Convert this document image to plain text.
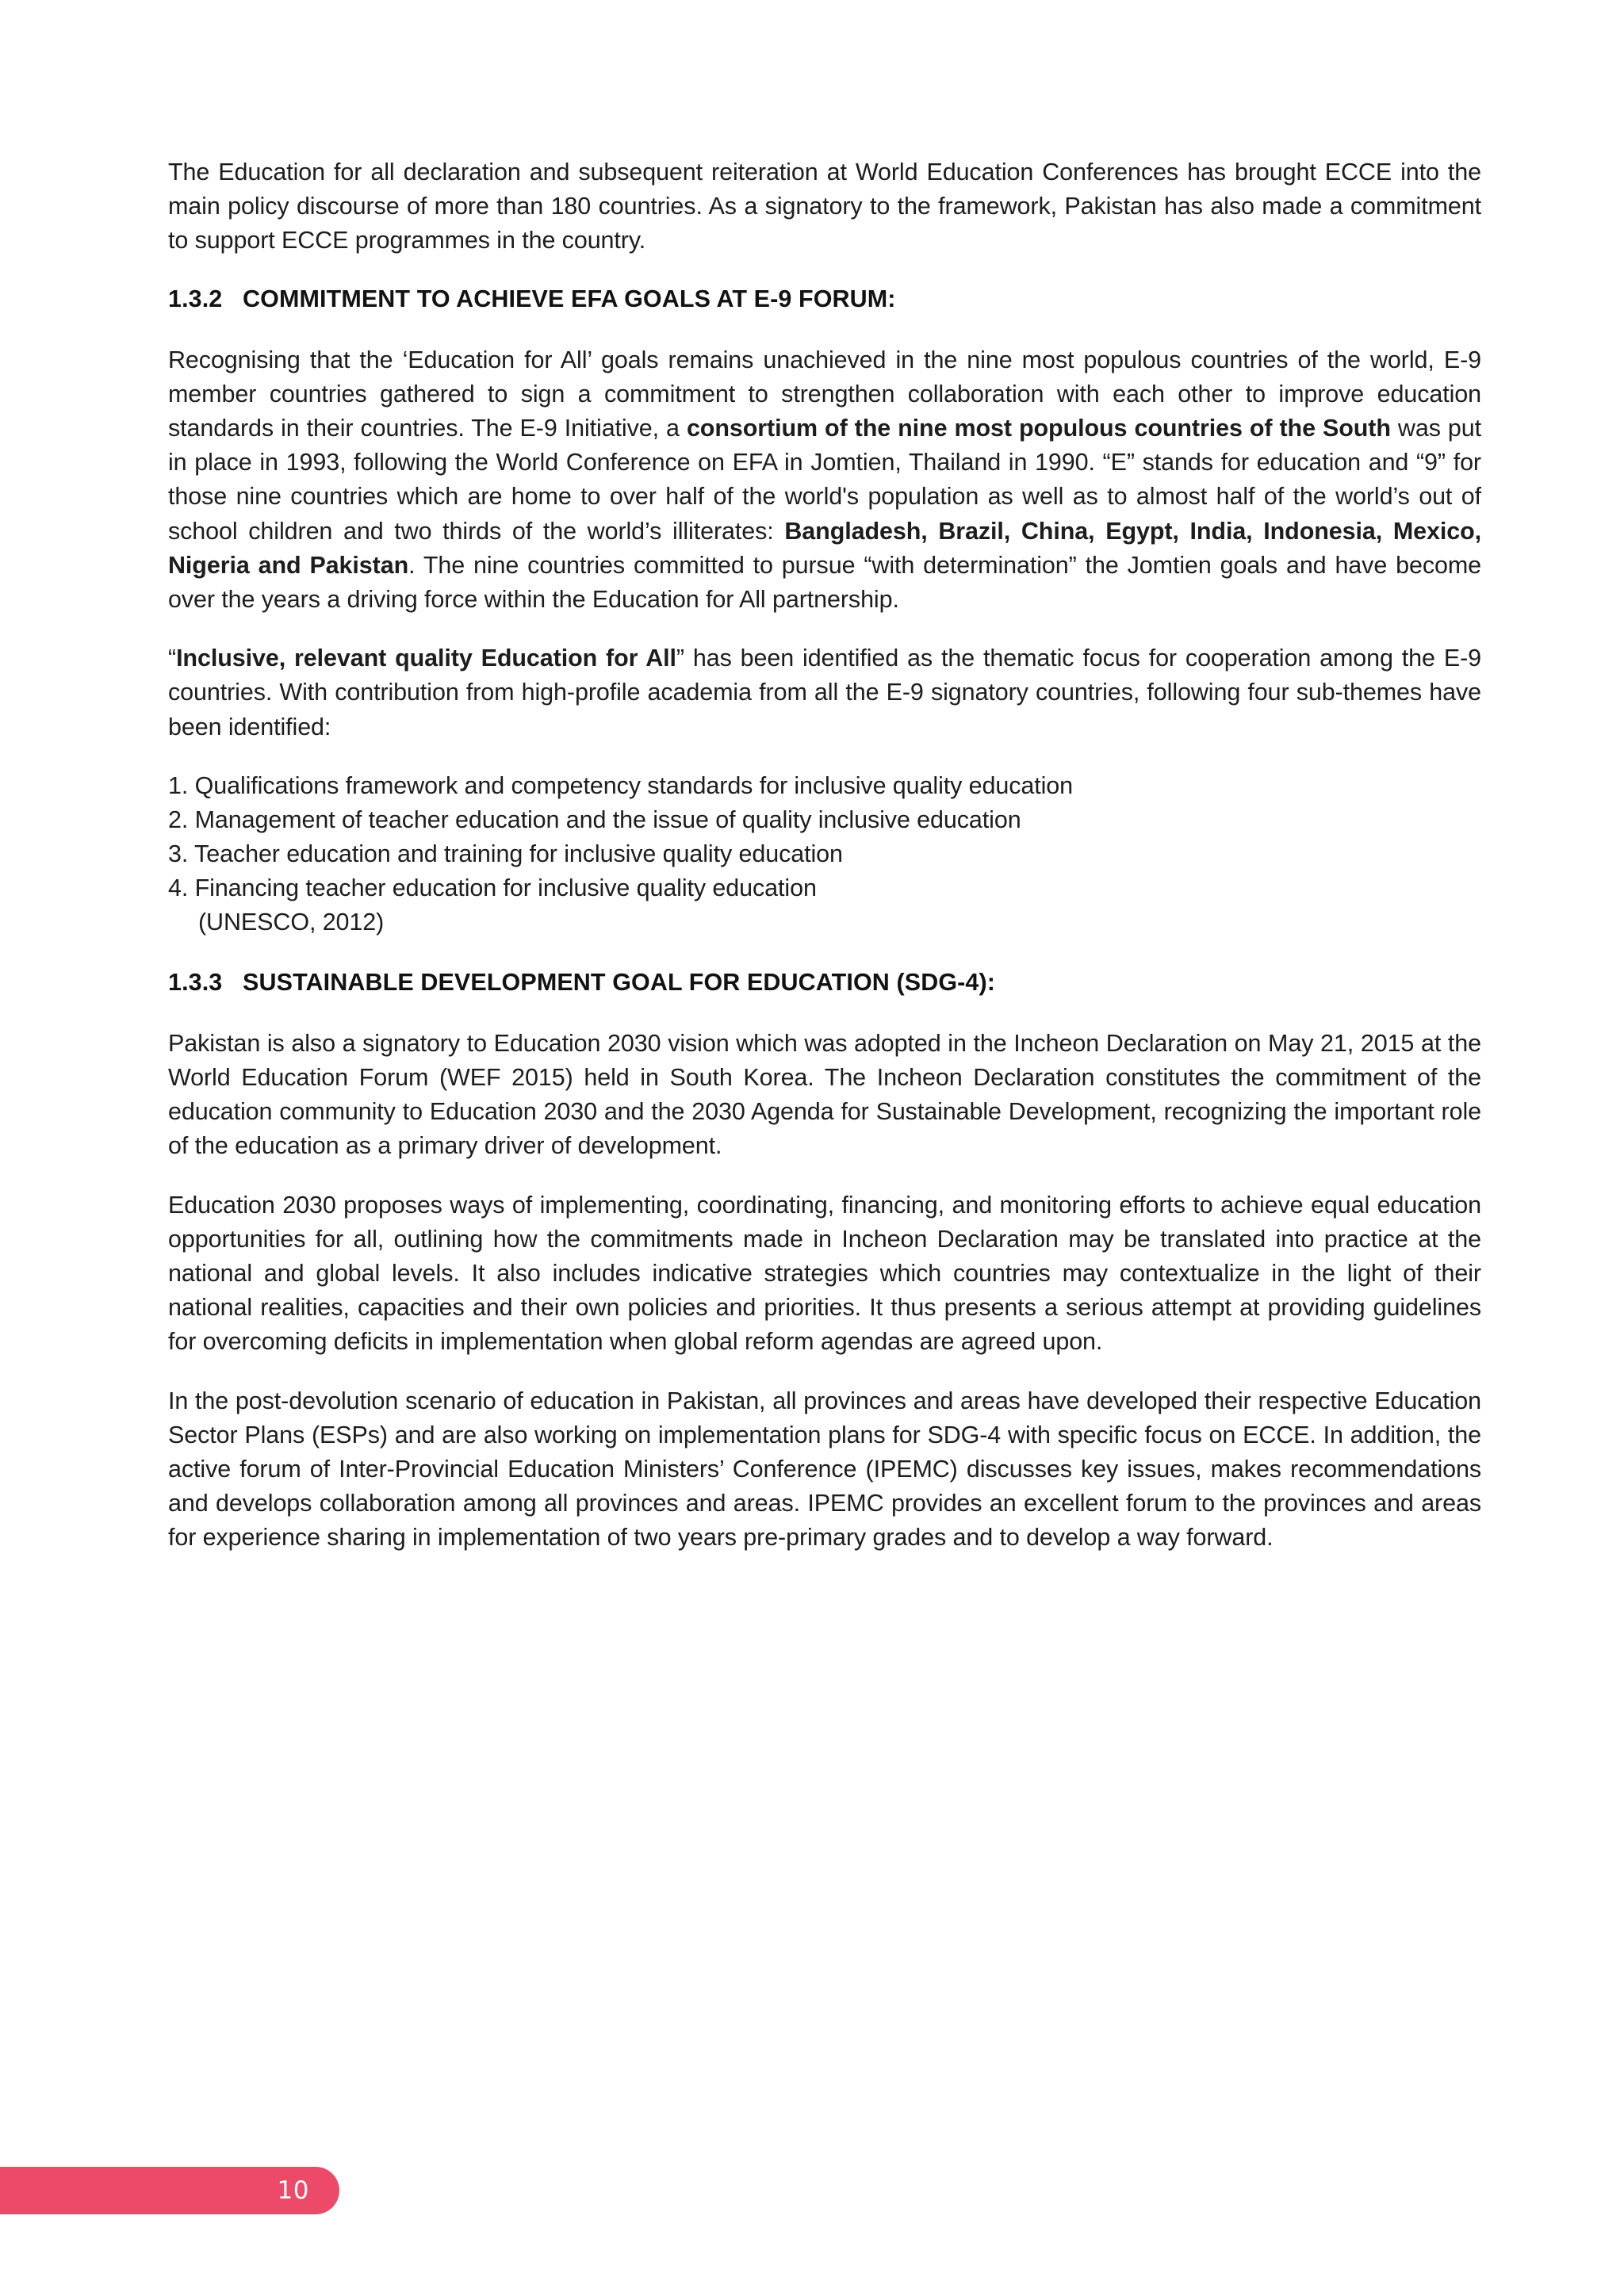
The Education for all declaration and subsequent reiteration at World Education Conferences has brought ECCE into the main policy discourse of more than 180 countries. As a signatory to the framework, Pakistan has also made a commitment to support ECCE programmes in the country.

1.3.2   COMMITMENT TO ACHIEVE EFA GOALS AT E-9 FORUM:

Recognising that the ‘Education for All’ goals remains unachieved in the nine most populous countries of the world, E-9 member countries gathered to sign a commitment to strengthen collaboration with each other to improve education standards in their countries. The E-9 Initiative, a consortium of the nine most populous countries of the South was put in place in 1993, following the World Conference on EFA in Jomtien, Thailand in 1990. “E” stands for education and “9” for those nine countries which are home to over half of the world's population as well as to almost half of the world’s out of school children and two thirds of the world’s illiterates: Bangladesh, Brazil, China, Egypt, India, Indonesia, Mexico, Nigeria and Pakistan. The nine countries committed to pursue “with determination” the Jomtien goals and have become over the years a driving force within the Education for All partnership.

“Inclusive, relevant quality Education for All” has been identified as the thematic focus for cooperation among the E-9 countries. With contribution from high-profile academia from all the E-9 signatory countries, following four sub-themes have been identified:

1. Qualifications framework and competency standards for inclusive quality education
2. Management of teacher education and the issue of quality inclusive education
3. Teacher education and training for inclusive quality education
4. Financing teacher education for inclusive quality education
(UNESCO, 2012)
1.3.3   SUSTAINABLE DEVELOPMENT GOAL FOR EDUCATION (SDG-4):

Pakistan is also a signatory to Education 2030 vision which was adopted in the Incheon Declaration on May 21, 2015 at the World Education Forum (WEF 2015) held in South Korea. The Incheon Declaration constitutes the commitment of the education community to Education 2030 and the 2030 Agenda for Sustainable Development, recognizing the important role of the education as a primary driver of development.

Education 2030 proposes ways of implementing, coordinating, financing, and monitoring efforts to achieve equal education opportunities for all, outlining how the commitments made in Incheon Declaration may be translated into practice at the national and global levels. It also includes indicative strategies which countries may contextualize in the light of their national realities, capacities and their own policies and priorities. It thus presents a serious attempt at providing guidelines for overcoming deficits in implementation when global reform agendas are agreed upon.

In the post-devolution scenario of education in Pakistan, all provinces and areas have developed their respective Education Sector Plans (ESPs) and are also working on implementation plans for SDG-4 with specific focus on ECCE. In addition, the active forum of Inter-Provincial Education Ministers’ Conference (IPEMC) discusses key issues, makes recommendations and develops collaboration among all provinces and areas. IPEMC provides an excellent forum to the provinces and areas for experience sharing in implementation of two years pre-primary grades and to develop a way forward.

10
